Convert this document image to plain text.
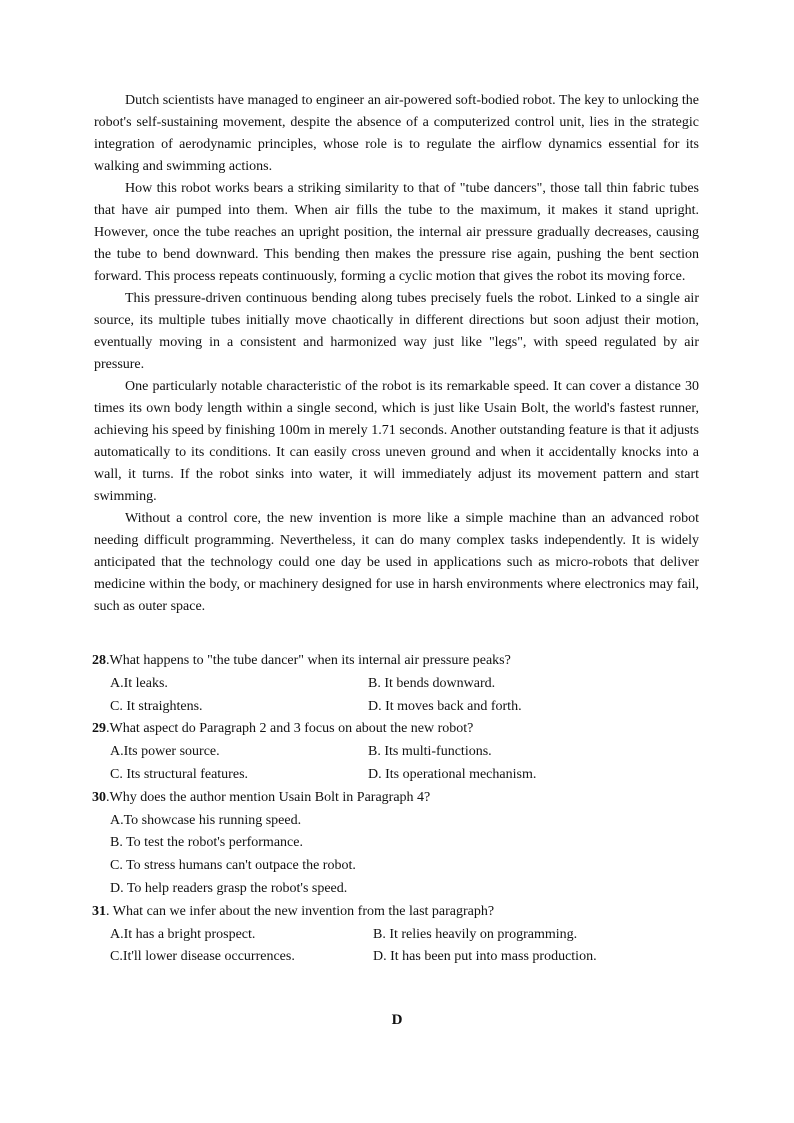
Dutch scientists have managed to engineer an air-powered soft-bodied robot. The key to unlocking the robot's self-sustaining movement, despite the absence of a computerized control unit, lies in the strategic integration of aerodynamic principles, whose role is to regulate the airflow dynamics essential for its walking and swimming actions.

How this robot works bears a striking similarity to that of "tube dancers", those tall thin fabric tubes that have air pumped into them. When air fills the tube to the maximum, it makes it stand upright. However, once the tube reaches an upright position, the internal air pressure gradually decreases, causing the tube to bend downward. This bending then makes the pressure rise again, pushing the bent section forward. This process repeats continuously, forming a cyclic motion that gives the robot its moving force.

This pressure-driven continuous bending along tubes precisely fuels the robot. Linked to a single air source, its multiple tubes initially move chaotically in different directions but soon adjust their motion, eventually moving in a consistent and harmonized way just like "legs", with speed regulated by air pressure.

One particularly notable characteristic of the robot is its remarkable speed. It can cover a distance 30 times its own body length within a single second, which is just like Usain Bolt, the world's fastest runner, achieving his speed by finishing 100m in merely 1.71 seconds. Another outstanding feature is that it adjusts automatically to its conditions. It can easily cross uneven ground and when it accidentally knocks into a wall, it turns. If the robot sinks into water, it will immediately adjust its movement pattern and start swimming.

Without a control core, the new invention is more like a simple machine than an advanced robot needing difficult programming. Nevertheless, it can do many complex tasks independently. It is widely anticipated that the technology could one day be used in applications such as micro-robots that deliver medicine within the body, or machinery designed for use in harsh environments where electronics may fail, such as outer space.

28.What happens to "the tube dancer" when its internal air pressure peaks?

A.It leaks.	B. It bends downward.
C. It straightens.	D. It moves back and forth.

29.What aspect do Paragraph 2 and 3 focus on about the new robot?

A.Its power source.	B. Its multi-functions.
C. Its structural features.	D. Its operational mechanism.

30.Why does the author mention Usain Bolt in Paragraph 4?

A.To showcase his running speed.
B. To test the robot's performance.
C. To stress humans can't outpace the robot.
D. To help readers grasp the robot's speed.

31. What can we infer about the new invention from the last paragraph?

A.It has a bright prospect.	B. It relies heavily on programming.
C.It'll lower disease occurrences.	D. It has been put into mass production.
D
